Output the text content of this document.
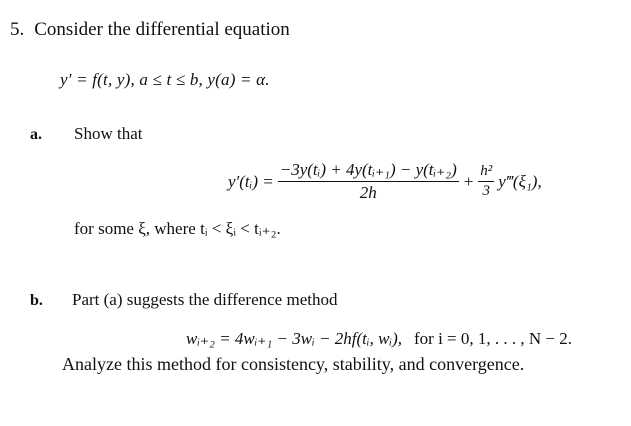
5. Consider the differential equation
y′ = f(t, y), a ≤ t ≤ b, y(a) = α.
a. Show that
y′(tᵢ) = $\frac{\text{−3y(tᵢ) + 4y(tᵢ₊₁) − y(tᵢ₊₂)}}{2h} + \frac{\text{h²}}{3}$ y‴(ξ₁),
for some ξ, where tᵢ < ξᵢ < tᵢ₊₂.
b. Part (a) suggests the difference method
wᵢ₊₂ = 4wᵢ₊₁ − 3wᵢ − 2hf(tᵢ, wᵢ), for i = 0, 1, . . . , N − 2.
Analyze this method for consistency, stability, and convergence.
